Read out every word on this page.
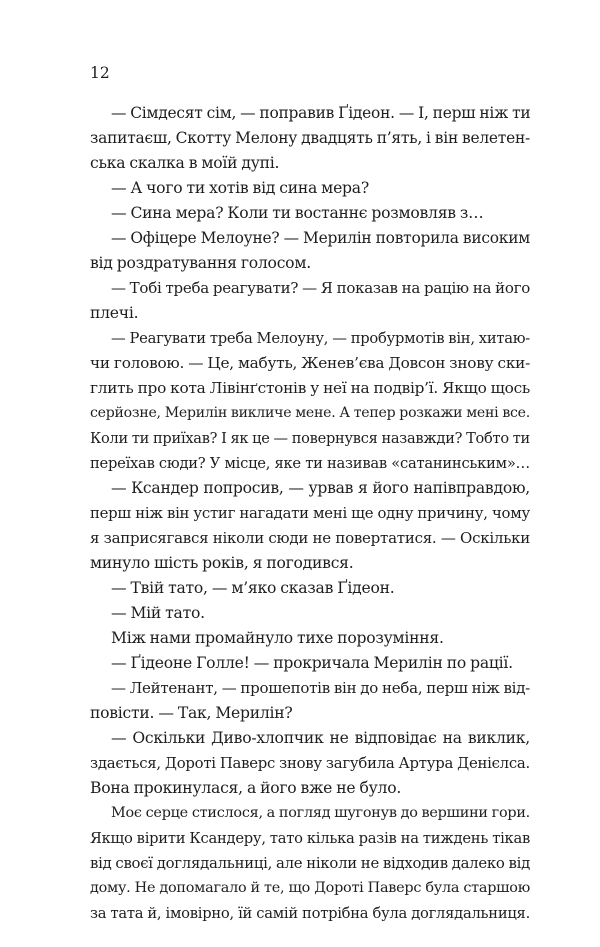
12
— Сімдесят сім, — поправив Ґідеон. — І, перш ніж ти
запитаєш, Скотту Мелону двадцять п’ять, і він велетен-
ська скалка в моїй дупі.
— А чого ти хотів від сина мера?
— Сина мера? Коли ти востаннє розмовляв з…
— Офіцере Мелоуне? — Мерилін повторила високим
від роздратування голосом.
— Тобі треба реагувати? — Я показав на рацію на його
плечі.
— Реагувати треба Мелоуну, — пробурмотів він, хитаю-
чи головою. — Це, мабуть, Женев’єва Довсон знову ски-
глить про кота Лівінґстонів у неї на подвір’ї. Якщо щось
серйозне, Мерилін викличе мене. А тепер розкажи мені все.
Коли ти приїхав? І як це — повернувся назавжди? Тобто ти
переїхав сюди? У місце, яке ти називав «сатанинським»…
— Ксандер попросив, — урвав я його напівправдою,
перш ніж він устиг нагадати мені ще одну причину, чому
я заприсягався ніколи сюди не повертатися. — Оскільки
минуло шість років, я погодився.
— Твій тато, — м’яко сказав Ґідеон.
— Мій тато.
Між нами промайнуло тихе порозуміння.
— Ґідеоне Голле! — прокричала Мерилін по рації.
— Лейтенант, — прошепотів він до неба, перш ніж від-
повісти. — Так, Мерилін?
— Оскільки Диво-хлопчик не відповідає на виклик,
здається, Дороті Паверс знову загубила Артура Денієлса.
Вона прокинулася, а його вже не було.
Моє серце стислося, а погляд шугонув до вершини гори.
Якщо вірити Ксандеру, тато кілька разів на тиждень тікав
від своєї доглядальниці, але ніколи не відходив далеко від
дому. Не допомагало й те, що Дороті Паверс була старшою
за тата й, імовірно, їй самій потрібна була доглядальниця.
